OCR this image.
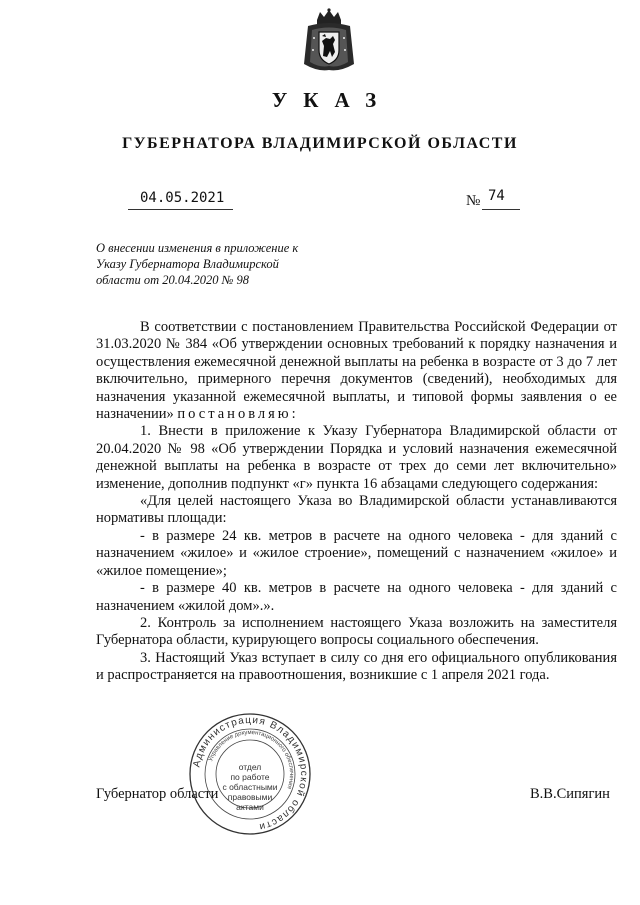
УКАЗ
ГУБЕРНАТОРА ВЛАДИМИРСКОЙ ОБЛАСТИ
04.05.2021	№ 74
О внесении изменения в приложение к Указу Губернатора Владимирской области от 20.04.2020 № 98

В соответствии с постановлением Правительства Российской Федерации от 31.03.2020 № 384 «Об утверждении основных требований к порядку назначения и осуществления ежемесячной денежной выплаты на ребенка в возрасте от 3 до 7 лет включительно, примерного перечня документов (сведений), необходимых для назначения указанной ежемесячной выплаты, и типовой формы заявления о ее назначении» постановляю:

1. Внести в приложение к Указу Губернатора Владимирской области от 20.04.2020 № 98 «Об утверждении Порядка и условий назначения ежемесячной денежной выплаты на ребенка в возрасте от трех до семи лет включительно» изменение, дополнив подпункт «г» пункта 16 абзацами следующего содержания:

«Для целей настоящего Указа во Владимирской области устанавливаются нормативы площади:

- в размере 24 кв. метров в расчете на одного человека - для зданий с назначением «жилое» и «жилое строение», помещений с назначением «жилое» и «жилое помещение»;

- в размере 40 кв. метров в расчете на одного человека - для зданий с назначением «жилой дом».».

2. Контроль за исполнением настоящего Указа возложить на заместителя Губернатора области, курирующего вопросы социального обеспечения.

3. Настоящий Указ вступает в силу со дня его официального опубликования и распространяется на правоотношения, возникшие с 1 апреля 2021 года.

Губернатор области	В.В.Сипягин
Администрация Владимирской области
Управление документационного обеспечения
отдел
по работе
с областными
правовыми
актами
